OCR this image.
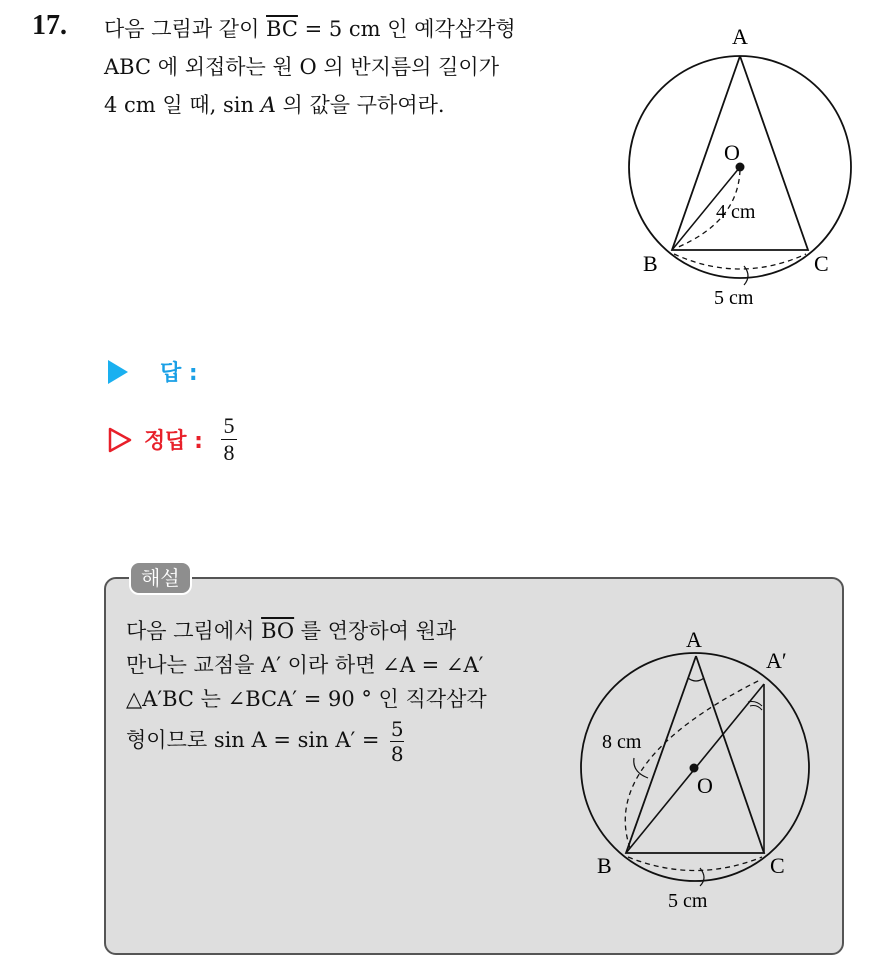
17. 다음 그림과 같이 $\overline{BC} = 5$ cm 인 예각삼각형
ABC 에 외접하는 원 O 의 반지름의 길이가
4 cm 일 때, sin A 의 값을 구하여라.
A
B	C
O
4 cm
5 cm
답 :
정답 : $\frac{5}{8}$
해설
다음 그림에서 $\overline{BO}$ 를 연장하여 원과
만나는 교점을 A′ 이라 하면 ∠A = ∠A′
△A′BC 는 ∠BCA′ = 90 ° 인 직각삼각
형이므로 $\sin A = \sin A' = \frac{5}{8}$
A
A′
B	C
O
8 cm
5 cm
